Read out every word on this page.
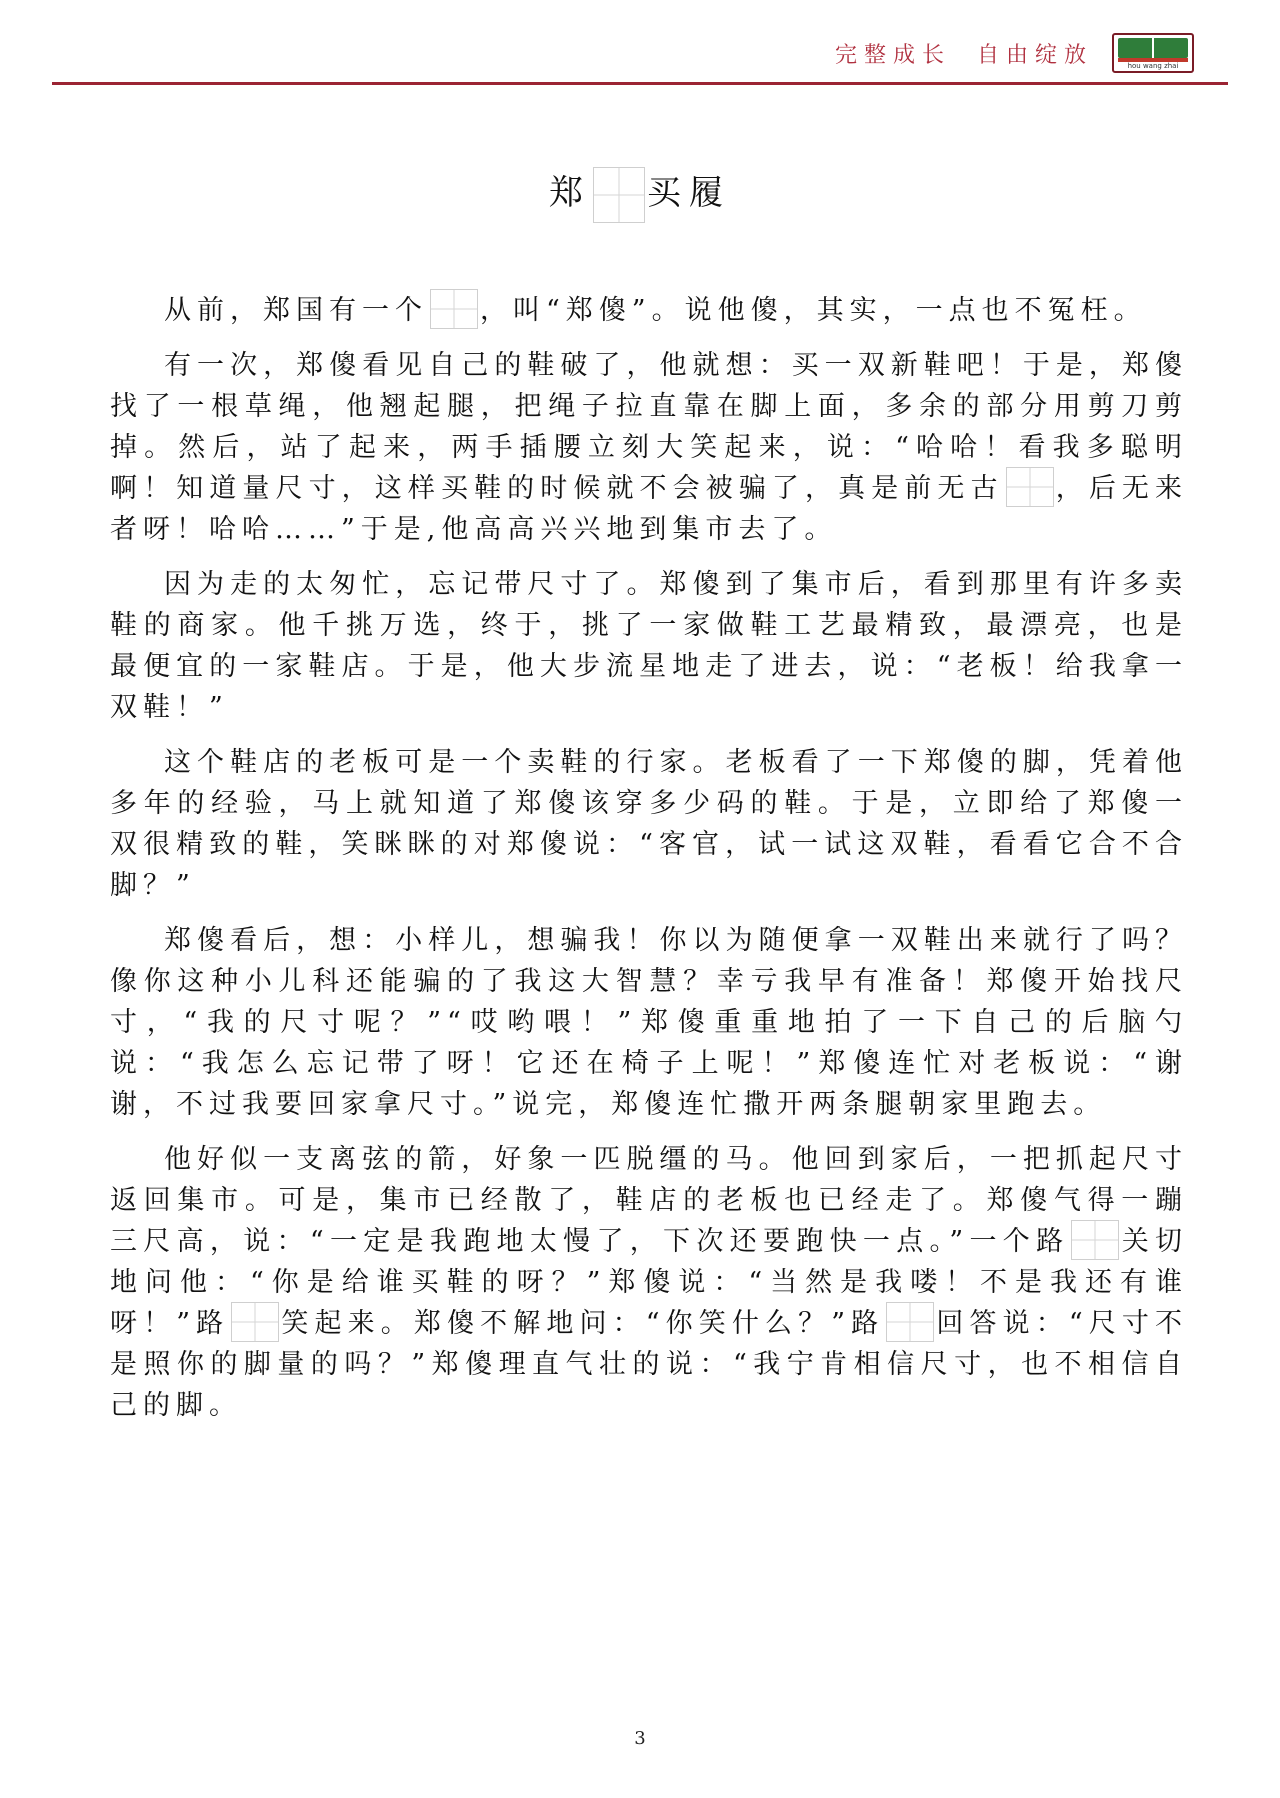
完整成长 自由绽放	hou wang zhai
郑 买履

从前，郑国有一个 ，叫“郑傻”。说他傻，其实，一点也不冤枉。

有一次，郑傻看见自己的鞋破了，他就想：买一双新鞋吧！于是，郑傻找了一根草绳，他翘起腿，把绳子拉直靠在脚上面，多余的部分用剪刀剪掉。然后，站了起来，两手插腰立刻大笑起来，说：“哈哈！看我多聪明啊！知道量尺寸，这样买鞋的时候就不会被骗了，真是前无古 ，后无来者呀！哈哈……”于是,他高高兴兴地到集市去了。

因为走的太匆忙，忘记带尺寸了。郑傻到了集市后，看到那里有许多卖鞋的商家。他千挑万选，终于，挑了一家做鞋工艺最精致，最漂亮，也是最便宜的一家鞋店。于是，他大步流星地走了进去，说：“老板！给我拿一双鞋！”

这个鞋店的老板可是一个卖鞋的行家。老板看了一下郑傻的脚，凭着他多年的经验，马上就知道了郑傻该穿多少码的鞋。于是，立即给了郑傻一双很精致的鞋，笑眯眯的对郑傻说：“客官，试一试这双鞋，看看它合不合脚？”

郑傻看后，想：小样儿，想骗我！你以为随便拿一双鞋出来就行了吗？像你这种小儿科还能骗的了我这大智慧？幸亏我早有准备！郑傻开始找尺寸，“我的尺寸呢？”“哎哟喂！”郑傻重重地拍了一下自己的后脑勺说：“我怎么忘记带了呀！它还在椅子上呢！”郑傻连忙对老板说：“谢谢，不过我要回家拿尺寸。”说完，郑傻连忙撒开两条腿朝家里跑去。

他好似一支离弦的箭，好象一匹脱缰的马。他回到家后，一把抓起尺寸返回集市。可是，集市已经散了，鞋店的老板也已经走了。郑傻气得一蹦三尺高，说：“一定是我跑地太慢了，下次还要跑快一点。”一个路 关切地问他：“你是给谁买鞋的呀？”郑傻说：“当然是我喽！不是我还有谁呀！”路 笑起来。郑傻不解地问：“你笑什么？”路 回答说：“尺寸不是照你的脚量的吗？”郑傻理直气壮的说：“我宁肯相信尺寸，也不相信自己的脚。

3
